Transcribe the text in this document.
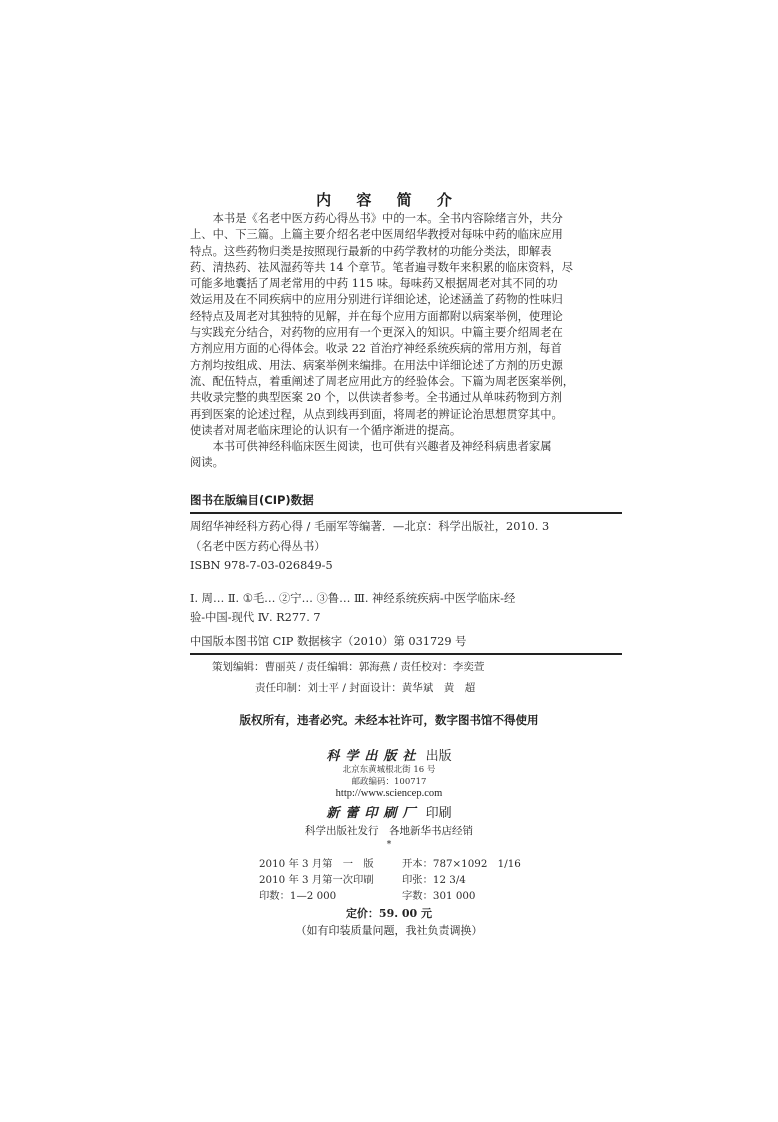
内 容 简 介
本书是《名老中医方药心得丛书》中的一本。全书内容除绪言外，共分
上、中、下三篇。上篇主要介绍名老中医周绍华教授对每味中药的临床应用
特点。这些药物归类是按照现行最新的中药学教材的功能分类法，即解表
药、清热药、祛风湿药等共 14 个章节。笔者遍寻数年来积累的临床资料，尽
可能多地囊括了周老常用的中药 115 味。每味药又根据周老对其不同的功
效运用及在不同疾病中的应用分别进行详细论述，论述涵盖了药物的性味归
经特点及周老对其独特的见解，并在每个应用方面都附以病案举例，使理论
与实践充分结合，对药物的应用有一个更深入的知识。中篇主要介绍周老在
方剂应用方面的心得体会。收录 22 首治疗神经系统疾病的常用方剂，每首
方剂均按组成、用法、病案举例来编排。在用法中详细论述了方剂的历史源
流、配伍特点，着重阐述了周老应用此方的经验体会。下篇为周老医案举例，
共收录完整的典型医案 20 个，以供读者参考。全书通过从单味药物到方剂
再到医案的论述过程，从点到线再到面，将周老的辨证论治思想贯穿其中。
使读者对周老临床理论的认识有一个循序渐进的提高。
本书可供神经科临床医生阅读，也可供有兴趣者及神经科病患者家属
阅读。
图书在版编目(CIP)数据
周绍华神经科方药心得 / 毛丽军等编著．—北京：科学出版社，2010. 3
（名老中医方药心得丛书）
ISBN 978-7-03-026849-5
Ⅰ. 周… Ⅱ. ①毛… ②宁… ③鲁… Ⅲ. 神经系统疾病-中医学临床-经
验-中国-现代 Ⅳ. R277. 7
中国版本图书馆 CIP 数据核字（2010）第 031729 号
策划编辑：曹丽英 / 责任编辑：郭海燕 / 责任校对：李奕萱
责任印制：刘士平 / 封面设计：黄华斌　黄　超
版权所有，违者必究。未经本社许可，数字图书馆不得使用
科学出版社 出版
北京东黄城根北街 16 号
邮政编码：100717
http://www.sciencep.com
新蕾印刷厂 印刷
科学出版社发行　各地新华书店经销
*
2010 年 3 月第　一　版	开本：787×1092　1/16
2010 年 3 月第一次印刷	印张：12 3/4
印数：1—2 000	字数：301 000
定价：59. 00 元
（如有印装质量问题，我社负责调换）
